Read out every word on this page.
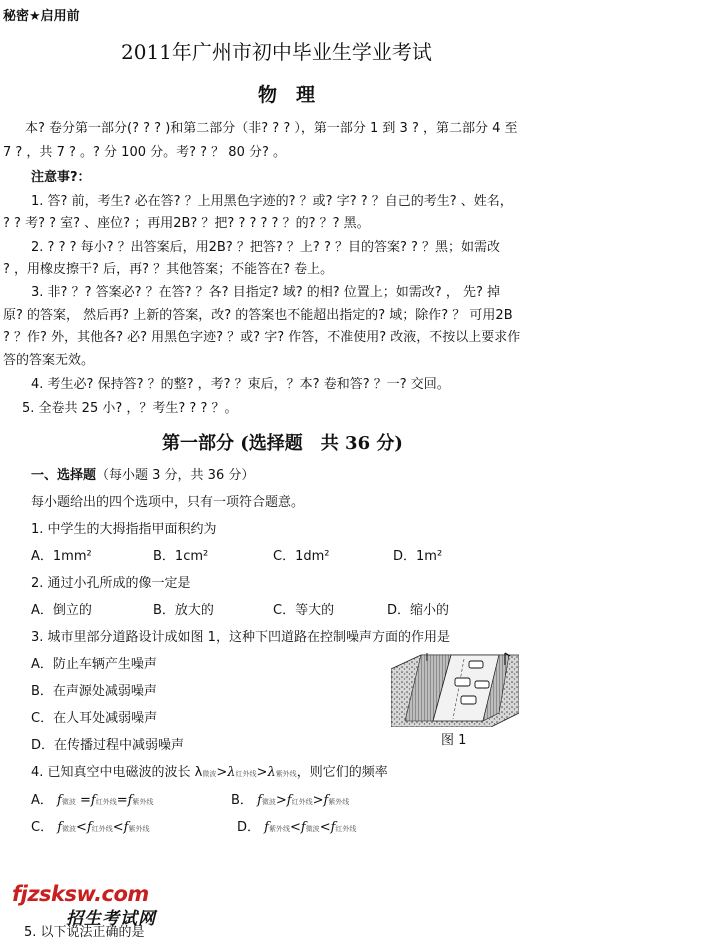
秘密★启用前
2011年广州市初中毕业生学业考试
物　理
本? 卷分第一部分(? ? ? )和第二部分（非? ? ? ），第一部分 1 到 3 ? ，第二部分 4 至
7 ? ，共 7 ? 。? 分 100 分。考? ? ？ 80 分? 。
注意事?：
1. 答? 前，考生? 必在答? ？上用黑色字迹的? ？或? 字? ? ？自己的考生? 、姓名，
? ? 考? ? 室? 、座位? ；再用2B? ？把? ? ? ? ? ？的? ？? 黑。
2. ? ? ? 每小? ？出答案后，用2B? ？把答? ？上? ? ？目的答案? ? ？黑；如需改
? ，用橡皮擦干? 后，再? ？其他答案；不能答在? 卷上。
3. 非? ？? 答案必? ？在答? ？各? 目指定? 域? 的相? 位置上；如需改? ， 先? 掉
原? 的答案， 然后再? 上新的答案，改? 的答案也不能超出指定的? 域；除作? ？ 可用2B
? ？作? 外，其他各? 必? 用黑色字迹? ？或? 字? 作答，不准使用? 改液，不按以上要求作
答的答案无效。
4. 考生必? 保持答? ？的整? ，考? ？束后，？本? 卷和答? ？一? 交回。
5. 全卷共 25 小? ，？考生? ? ? ？。
第一部分 (选择题　共 36 分)
一、选择题（每小题 3 分，共 36 分）
每小题给出的四个选项中，只有一项符合题意。
1. 中学生的大拇指指甲面积约为
A．1mm²	B．1cm²	C．1dm²	D．1m²
2. 通过小孔所成的像一定是
A．倒立的	B．放大的	C．等大的	D．缩小的
3. 城市里部分道路设计成如图 1，这种下凹道路在控制噪声方面的作用是
A．防止车辆产生噪声
B．在声源处减弱噪声
C．在人耳处减弱噪声
D．在传播过程中减弱噪声	图 1
4. 已知真空中电磁波的波长 λ微波>λ红外线>λ紫外线，则它们的频率
A． f微波 =f红外线=f紫外线	B． f微波>f红外线>f紫外线
C． f微波<f红外线<f紫外线	D． f紫外线<f微波<f红外线
fjzsksw.com
招生考试网
5. 以下说法正确的是
